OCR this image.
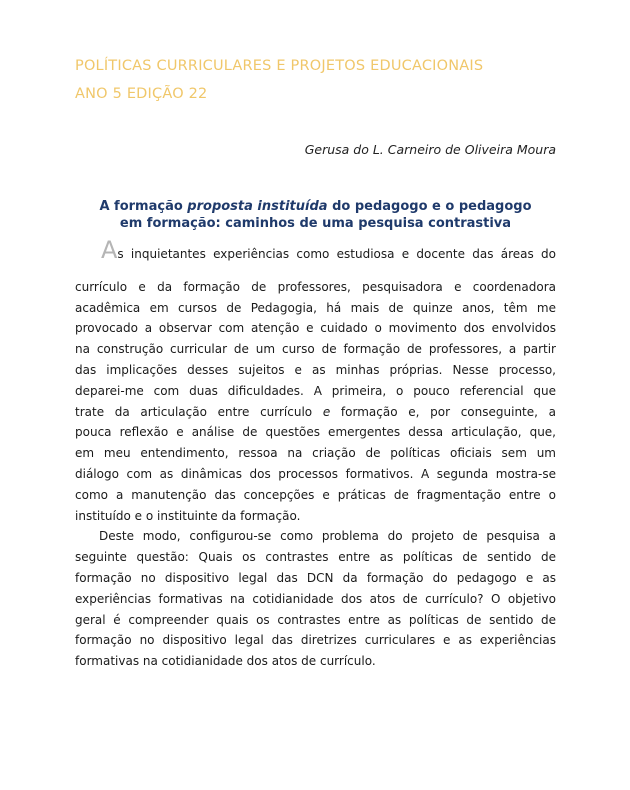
POLÍTICAS CURRICULARES E PROJETOS EDUCACIONAIS
ANO 5 EDIÇÃO 22
Gerusa do L. Carneiro de Oliveira Moura
A formação proposta instituída do pedagogo e o pedagogo
em formação: caminhos de uma pesquisa contrastiva
As inquietantes experiências como estudiosa e docente das áreas do
currículo e da formação de professores, pesquisadora e coordenadora
acadêmica em cursos de Pedagogia, há mais de quinze anos, têm me
provocado a observar com atenção e cuidado o movimento dos envolvidos
na construção curricular de um curso de formação de professores, a partir
das implicações desses sujeitos e as minhas próprias. Nesse processo,
deparei-me com duas dificuldades. A primeira, o pouco referencial que
trate da articulação entre currículo e formação e, por conseguinte, a
pouca reflexão e análise de questões emergentes dessa articulação, que,
em meu entendimento, ressoa na criação de políticas oficiais sem um
diálogo com as dinâmicas dos processos formativos. A segunda mostra-se
como a manutenção das concepções e práticas de fragmentação entre o
instituído e o instituinte da formação.
Deste modo, configurou-se como problema do projeto de pesquisa a
seguinte questão: Quais os contrastes entre as políticas de sentido de
formação no dispositivo legal das DCN da formação do pedagogo e as
experiências formativas na cotidianidade dos atos de currículo? O objetivo
geral é compreender quais os contrastes entre as políticas de sentido de
formação no dispositivo legal das diretrizes curriculares e as experiências
formativas na cotidianidade dos atos de currículo.
